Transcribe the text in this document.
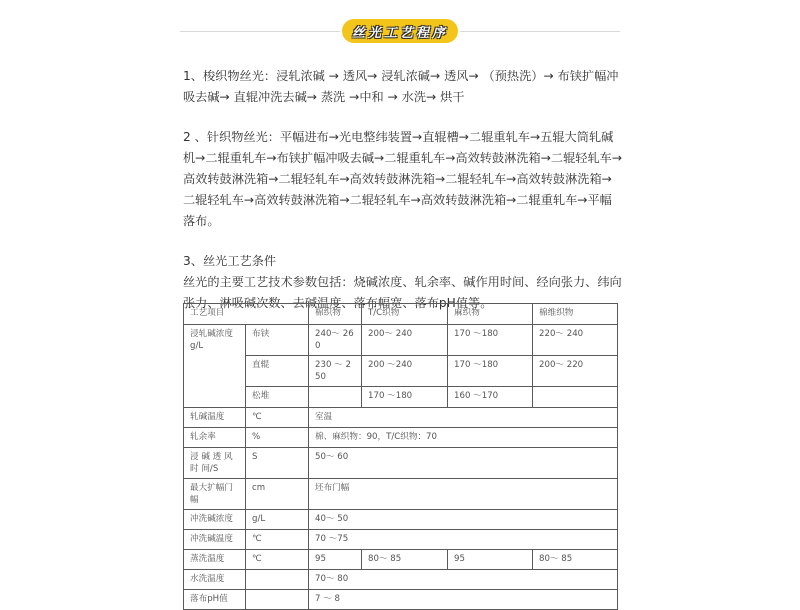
丝光工艺程序

1、梭织物丝光：浸轧浓碱 → 透风→ 浸轧浓碱→ 透风→ （预热洗）→ 布铗扩幅冲吸去碱→ 直辊冲洗去碱→ 蒸洗 →中和 → 水洗→ 烘干

2 、针织物丝光：平幅进布→光电整纬装置→直辊槽→二辊重轧车→五辊大筒轧碱机→二辊重轧车→布铗扩幅冲吸去碱→二辊重轧车→高效转鼓淋洗箱→二辊轻轧车→高效转鼓淋洗箱→二辊轻轧车→高效转鼓淋洗箱→二辊轻轧车→高效转鼓淋洗箱→二辊轻轧车→高效转鼓淋洗箱→二辊轻轧车→高效转鼓淋洗箱→二辊重轧车→平幅落布。

3、丝光工艺条件

丝光的主要工艺技术参数包括：烧碱浓度、轧余率、碱作用时间、经向张力、纬向张力、淋吸碱次数、去碱温度、落布幅宽、落布pH值等。

工艺项目		棉织物	T/C织物	麻织物	棉维织物
浸轧碱浓度 g/L	布铗	240～ 260	200～ 240	170 ～180	220～ 240
	直辊	230 ～ 250	200 ～240	170 ～180	200～ 220
	松堆		170 ～180	160 ～170	
轧碱温度	℃	室温			
轧余率	%	棉、麻织物：90，T/C织物：70			
浸 碱 透 风 时 间/S	S	50～ 60			
最大扩幅门幅	cm	坯布门幅			
冲洗碱浓度	g/L	40～ 50			
冲洗碱温度	℃	70 ～75			
蒸洗温度	℃	95	80～ 85	95	80～ 85
水洗温度		70～ 80			
落布pH值		7 ～ 8			
